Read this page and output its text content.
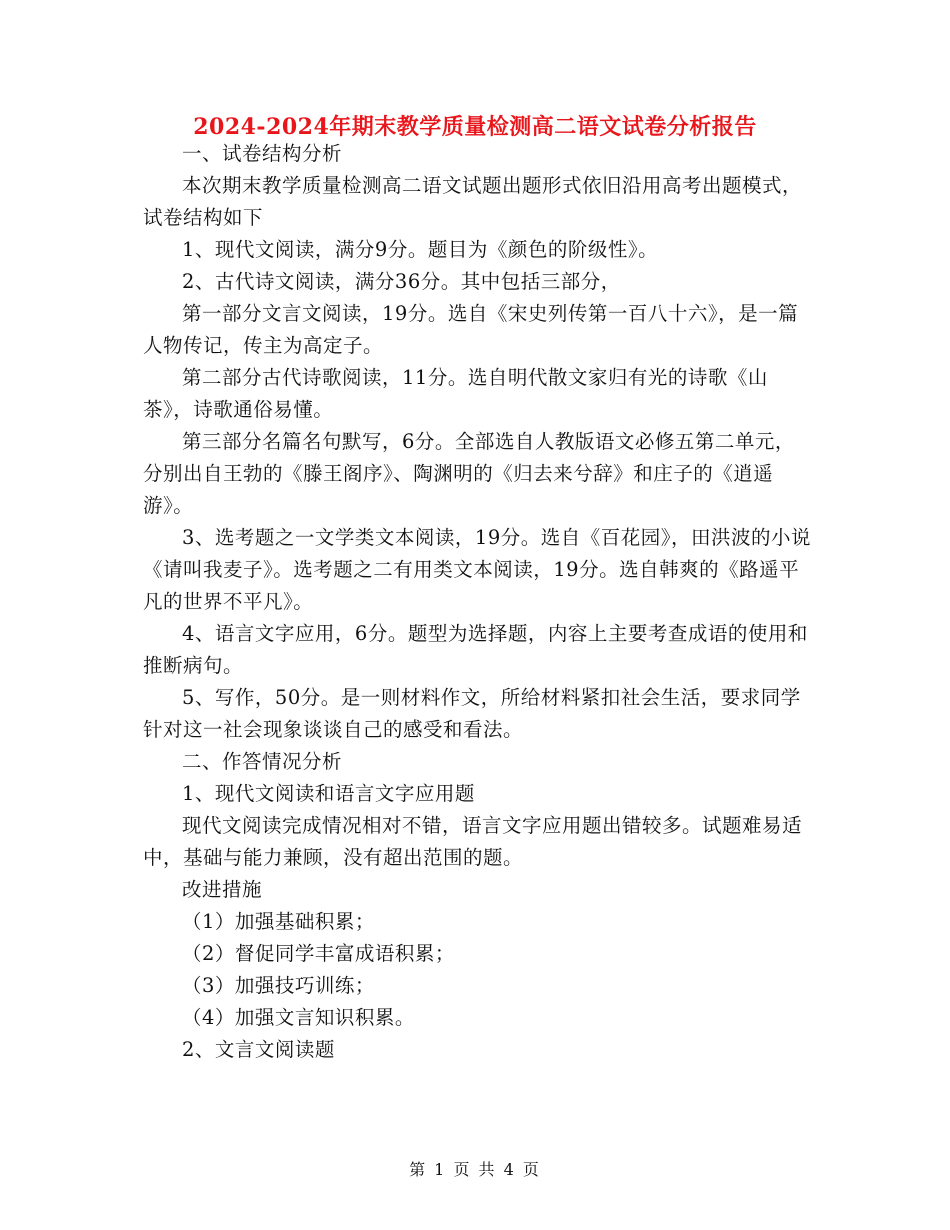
2024-2024年期末教学质量检测高二语文试卷分析报告

一、试卷结构分析

本次期末教学质量检测高二语文试题出题形式依旧沿用高考出题模式，试卷结构如下

1、现代文阅读，满分9分。题目为《颜色的阶级性》。

2、古代诗文阅读，满分36分。其中包括三部分，

第一部分文言文阅读，19分。选自《宋史列传第一百八十六》，是一篇人物传记，传主为高定子。

第二部分古代诗歌阅读，11分。选自明代散文家归有光的诗歌《山茶》，诗歌通俗易懂。

第三部分名篇名句默写，6分。全部选自人教版语文必修五第二单元，分别出自王勃的《滕王阁序》、陶渊明的《归去来兮辞》和庄子的《逍遥游》。

3、选考题之一文学类文本阅读，19分。选自《百花园》，田洪波的小说《请叫我麦子》。选考题之二有用类文本阅读，19分。选自韩爽的《路遥平凡的世界不平凡》。

4、语言文字应用，6分。题型为选择题，内容上主要考查成语的使用和推断病句。

5、写作，50分。是一则材料作文，所给材料紧扣社会生活，要求同学针对这一社会现象谈谈自己的感受和看法。

二、作答情况分析

1、现代文阅读和语言文字应用题

现代文阅读完成情况相对不错，语言文字应用题出错较多。试题难易适中，基础与能力兼顾，没有超出范围的题。

改进措施

（1）加强基础积累；

（2）督促同学丰富成语积累；

（3）加强技巧训练；

（4）加强文言知识积累。

2、文言文阅读题

第 1 页 共 4 页
